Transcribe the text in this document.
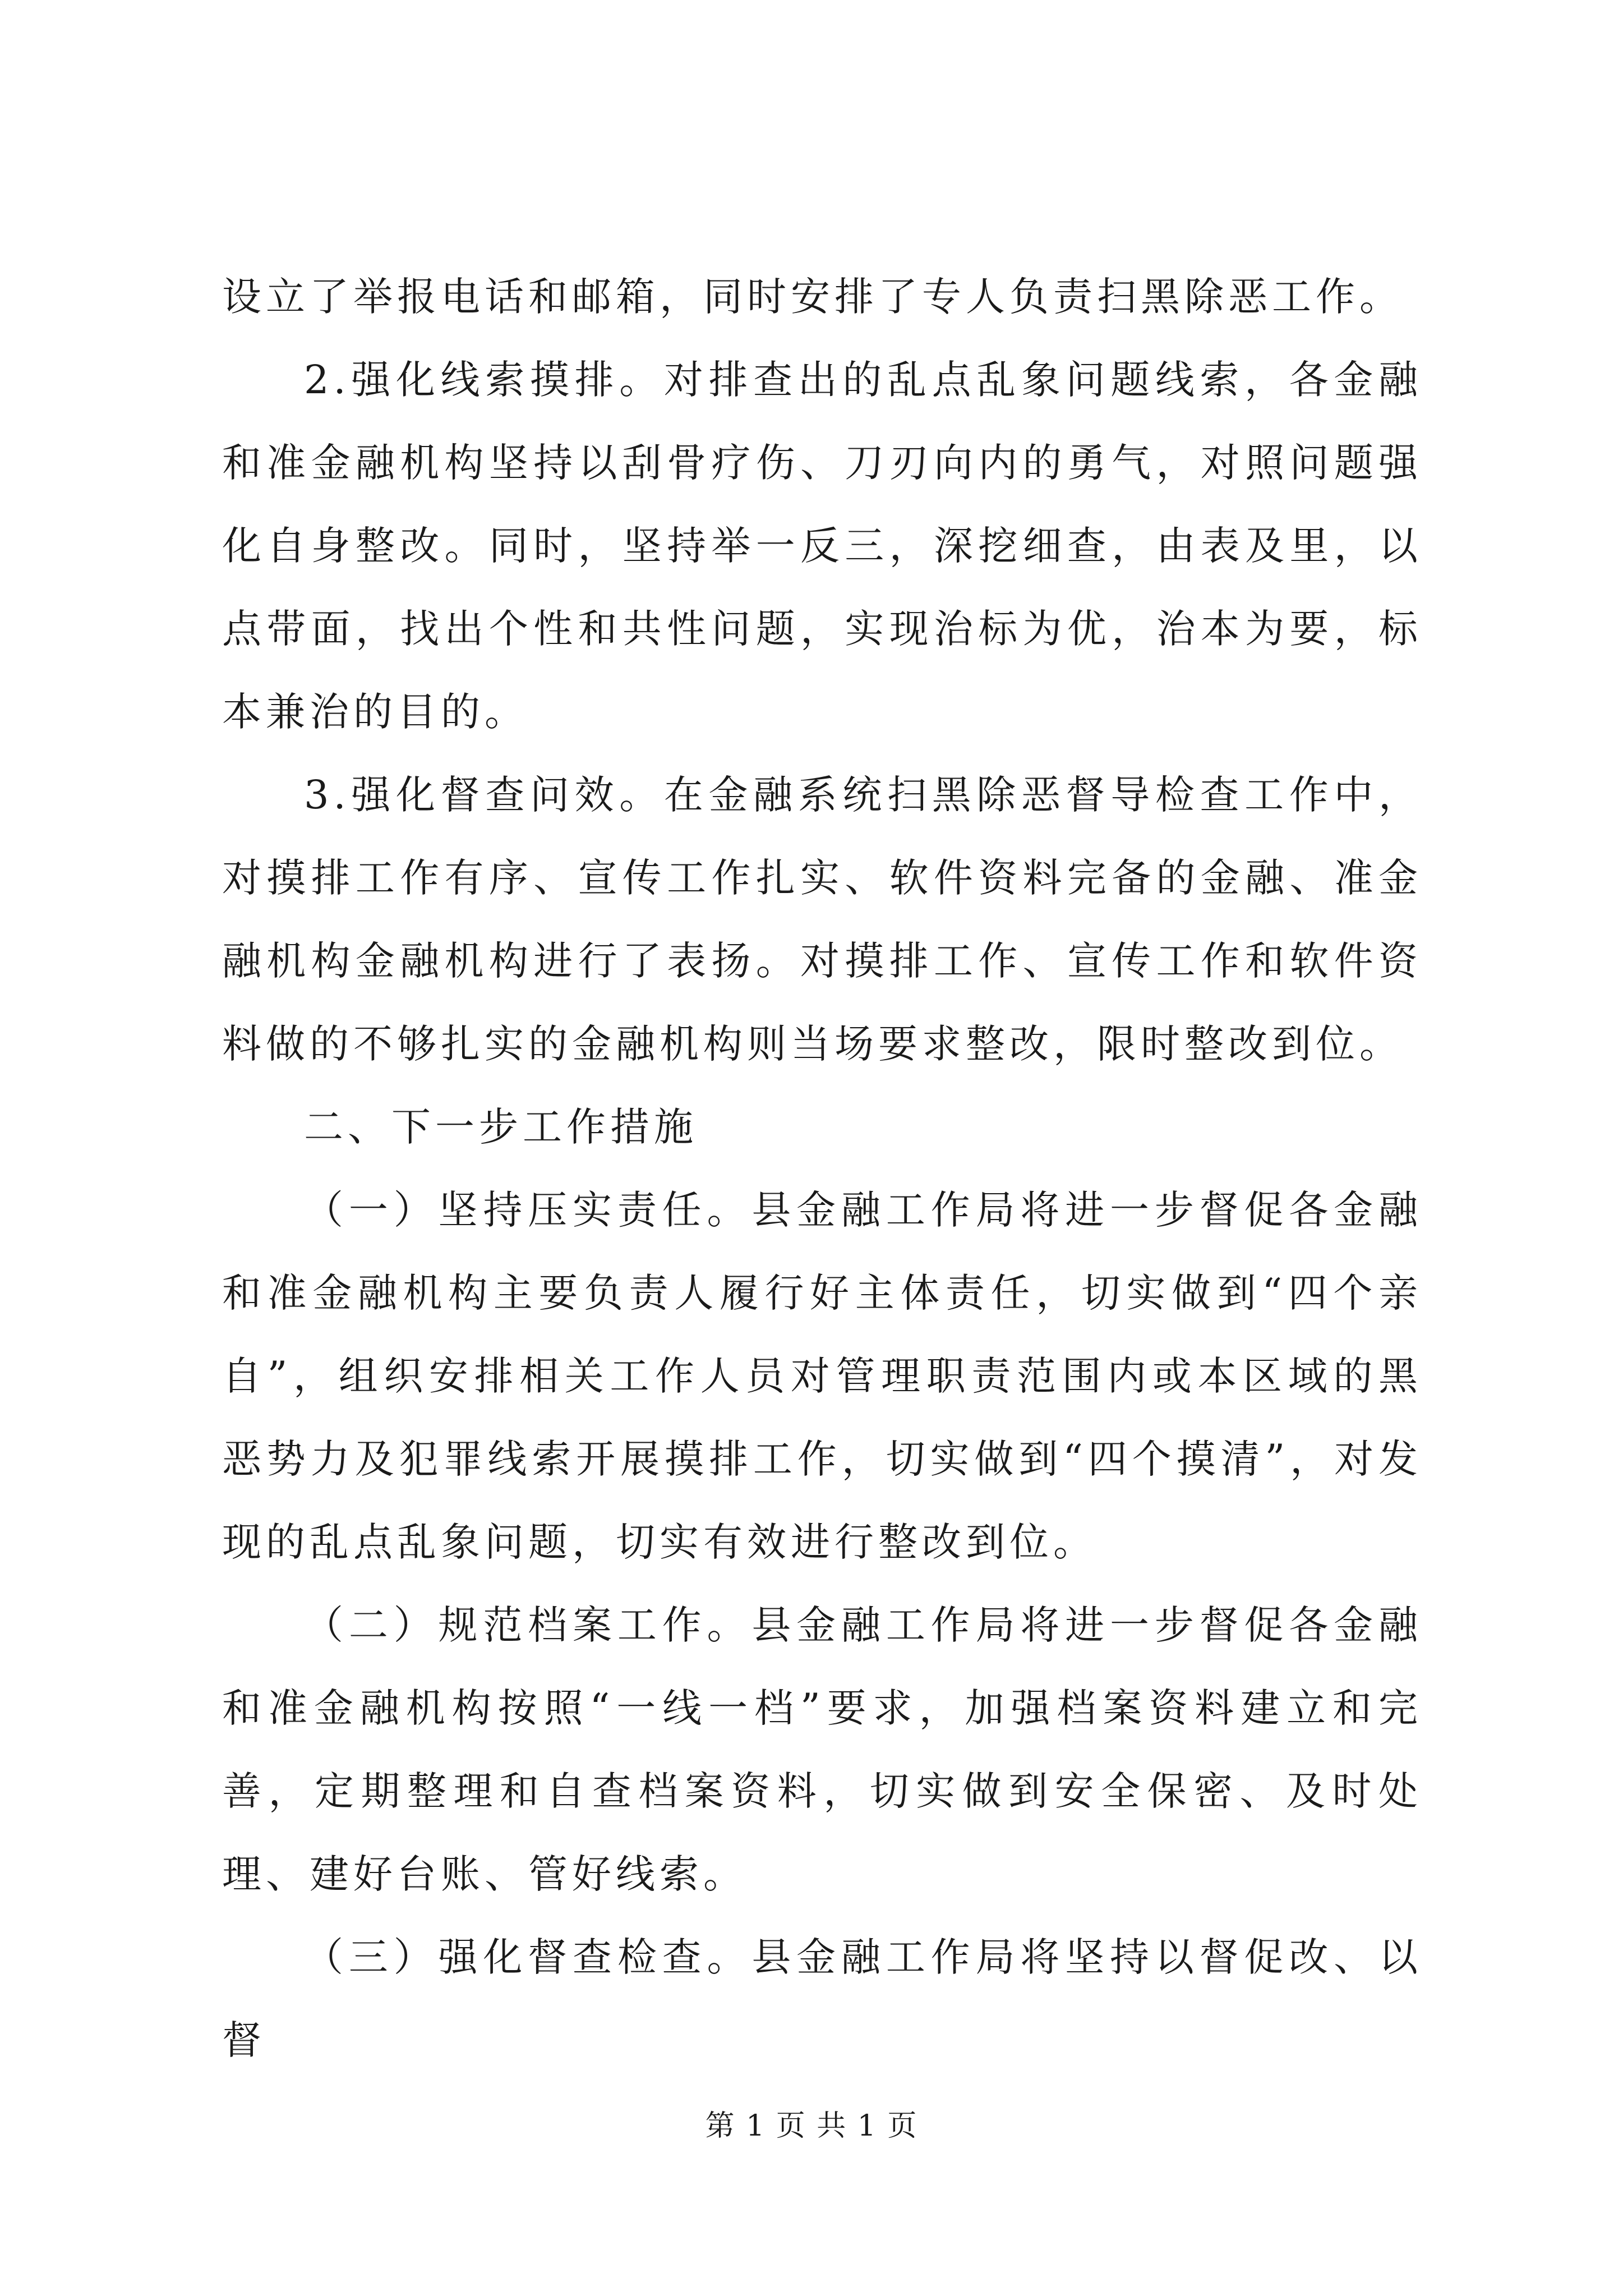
设立了举报电话和邮箱，同时安排了专人负责扫黑除恶工作。

2.强化线索摸排。对排查出的乱点乱象问题线索，各金融和准金融机构坚持以刮骨疗伤、刀刃向内的勇气，对照问题强化自身整改。同时，坚持举一反三，深挖细查，由表及里，以点带面，找出个性和共性问题，实现治标为优，治本为要，标本兼治的目的。

3.强化督查问效。在金融系统扫黑除恶督导检查工作中，对摸排工作有序、宣传工作扎实、软件资料完备的金融、准金融机构金融机构进行了表扬。对摸排工作、宣传工作和软件资料做的不够扎实的金融机构则当场要求整改，限时整改到位。

二、下一步工作措施

（一）坚持压实责任。县金融工作局将进一步督促各金融和准金融机构主要负责人履行好主体责任，切实做到“四个亲自”，组织安排相关工作人员对管理职责范围内或本区域的黑恶势力及犯罪线索开展摸排工作，切实做到“四个摸清”，对发现的乱点乱象问题，切实有效进行整改到位。

（二）规范档案工作。县金融工作局将进一步督促各金融和准金融机构按照“一线一档”要求，加强档案资料建立和完善，定期整理和自查档案资料，切实做到安全保密、及时处理、建好台账、管好线索。

（三）强化督查检查。县金融工作局将坚持以督促改、以督

第 1 页 共 1 页
